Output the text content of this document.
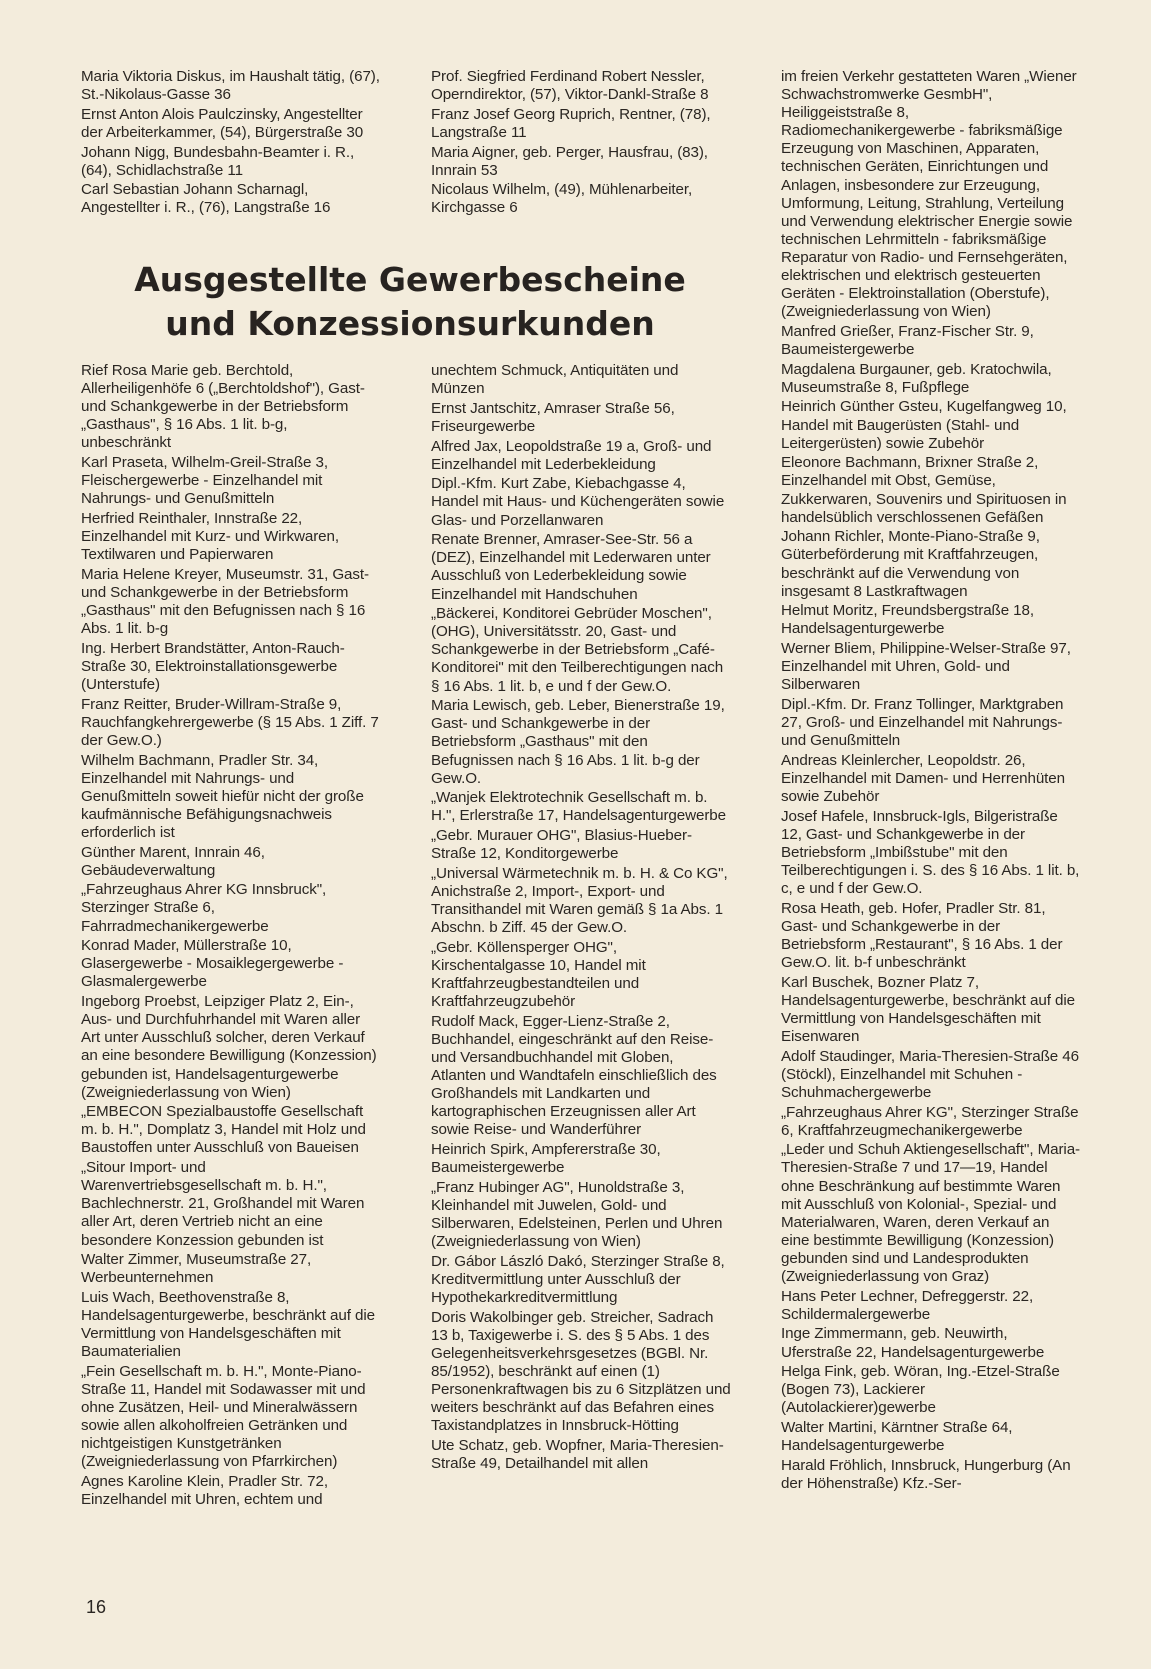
Maria Viktoria Diskus, im Haushalt tätig, (67), St.-Nikolaus-Gasse 36

Ernst Anton Alois Paulczinsky, Angestellter der Arbeiterkammer, (54), Bürgerstraße 30

Johann Nigg, Bundesbahn-Beamter i. R., (64), Schidlachstraße 11

Carl Sebastian Johann Scharnagl, Angestellter i. R., (76), Langstraße 16

Prof. Siegfried Ferdinand Robert Nessler, Operndirektor, (57), Viktor-Dankl-Straße 8

Franz Josef Georg Ruprich, Rentner, (78), Langstraße 11

Maria Aigner, geb. Perger, Hausfrau, (83), Innrain 53

Nicolaus Wilhelm, (49), Mühlenarbeiter, Kirchgasse 6

Ausgestellte Gewerbescheine
und Konzessionsurkunden

Rief Rosa Marie geb. Berchtold, Allerheiligenhöfe 6 („Berchtoldshof"), Gast- und Schankgewerbe in der Betriebsform „Gasthaus", § 16 Abs. 1 lit. b-g, unbeschränkt

Karl Praseta, Wilhelm-Greil-Straße 3, Fleischergewerbe - Einzelhandel mit Nahrungs- und Genußmitteln

Herfried Reinthaler, Innstraße 22, Einzelhandel mit Kurz- und Wirkwaren, Textilwaren und Papierwaren

Maria Helene Kreyer, Museumstr. 31, Gast- und Schankgewerbe in der Betriebsform „Gasthaus" mit den Befugnissen nach § 16 Abs. 1 lit. b-g

Ing. Herbert Brandstätter, Anton-Rauch-Straße 30, Elektroinstallationsgewerbe (Unterstufe)

Franz Reitter, Bruder-Willram-Straße 9, Rauchfangkehrergewerbe (§ 15 Abs. 1 Ziff. 7 der Gew.O.)

Wilhelm Bachmann, Pradler Str. 34, Einzelhandel mit Nahrungs- und Genußmitteln soweit hiefür nicht der große kaufmännische Befähigungsnachweis erforderlich ist

Günther Marent, Innrain 46, Gebäudeverwaltung

„Fahrzeughaus Ahrer KG Innsbruck", Sterzinger Straße 6, Fahrradmechanikergewerbe

Konrad Mader, Müllerstraße 10, Glasergewerbe - Mosaiklegergewerbe - Glasmalergewerbe

Ingeborg Proebst, Leipziger Platz 2, Ein-, Aus- und Durchfuhrhandel mit Waren aller Art unter Ausschluß solcher, deren Verkauf an eine besondere Bewilligung (Konzession) gebunden ist, Handelsagenturgewerbe (Zweigniederlassung von Wien)

„EMBECON Spezialbaustoffe Gesellschaft m. b. H.", Domplatz 3, Handel mit Holz und Baustoffen unter Ausschluß von Baueisen

„Sitour Import- und Warenvertriebsgesellschaft m. b. H.", Bachlechnerstr. 21, Großhandel mit Waren aller Art, deren Vertrieb nicht an eine besondere Konzession gebunden ist

Walter Zimmer, Museumstraße 27, Werbeunternehmen

Luis Wach, Beethovenstraße 8, Handelsagenturgewerbe, beschränkt auf die Vermittlung von Handelsgeschäften mit Baumaterialien

„Fein Gesellschaft m. b. H.", Monte-Piano-Straße 11, Handel mit Sodawasser mit und ohne Zusätzen, Heil- und Mineralwässern sowie allen alkoholfreien Getränken und nichtgeistigen Kunstgetränken (Zweigniederlassung von Pfarrkirchen)

Agnes Karoline Klein, Pradler Str. 72, Einzelhandel mit Uhren, echtem und

unechtem Schmuck, Antiquitäten und Münzen

Ernst Jantschitz, Amraser Straße 56, Friseurgewerbe

Alfred Jax, Leopoldstraße 19 a, Groß- und Einzelhandel mit Lederbekleidung

Dipl.-Kfm. Kurt Zabe, Kiebachgasse 4, Handel mit Haus- und Küchengeräten sowie Glas- und Porzellanwaren

Renate Brenner, Amraser-See-Str. 56 a (DEZ), Einzelhandel mit Lederwaren unter Ausschluß von Lederbekleidung sowie Einzelhandel mit Handschuhen

„Bäckerei, Konditorei Gebrüder Moschen", (OHG), Universitätsstr. 20, Gast- und Schankgewerbe in der Betriebsform „Café-Konditorei" mit den Teilberechtigungen nach § 16 Abs. 1 lit. b, e und f der Gew.O.

Maria Lewisch, geb. Leber, Bienerstraße 19, Gast- und Schankgewerbe in der Betriebsform „Gasthaus" mit den Befugnissen nach § 16 Abs. 1 lit. b-g der Gew.O.

„Wanjek Elektrotechnik Gesellschaft m. b. H.", Erlerstraße 17, Handelsagenturgewerbe

„Gebr. Murauer OHG", Blasius-Hueber-Straße 12, Konditorgewerbe

„Universal Wärmetechnik m. b. H. & Co KG", Anichstraße 2, Import-, Export- und Transithandel mit Waren gemäß § 1a Abs. 1 Abschn. b Ziff. 45 der Gew.O.

„Gebr. Köllensperger OHG", Kirschentalgasse 10, Handel mit Kraftfahrzeugbestandteilen und Kraftfahrzeugzubehör

Rudolf Mack, Egger-Lienz-Straße 2, Buchhandel, eingeschränkt auf den Reise- und Versandbuchhandel mit Globen, Atlanten und Wandtafeln einschließlich des Großhandels mit Landkarten und kartographischen Erzeugnissen aller Art sowie Reise- und Wanderführer

Heinrich Spirk, Ampfererstraße 30, Baumeistergewerbe

„Franz Hubinger AG", Hunoldstraße 3, Kleinhandel mit Juwelen, Gold- und Silberwaren, Edelsteinen, Perlen und Uhren (Zweigniederlassung von Wien)

Dr. Gábor László Dakó, Sterzinger Straße 8, Kreditvermittlung unter Ausschluß der Hypothekarkreditvermittlung

Doris Wakolbinger geb. Streicher, Sadrach 13 b, Taxigewerbe i. S. des § 5 Abs. 1 des Gelegenheitsverkehrsgesetzes (BGBl. Nr. 85/1952), beschränkt auf einen (1) Personenkraftwagen bis zu 6 Sitzplätzen und weiters beschränkt auf das Befahren eines Taxistandplatzes in Innsbruck-Hötting

Ute Schatz, geb. Wopfner, Maria-Theresien-Straße 49, Detailhandel mit allen

im freien Verkehr gestatteten Waren „Wiener Schwachstromwerke GesmbH", Heiliggeiststraße 8, Radiomechanikergewerbe - fabriksmäßige Erzeugung von Maschinen, Apparaten, technischen Geräten, Einrichtungen und Anlagen, insbesondere zur Erzeugung, Umformung, Leitung, Strahlung, Verteilung und Verwendung elektrischer Energie sowie technischen Lehrmitteln - fabriksmäßige Reparatur von Radio- und Fernsehgeräten, elektrischen und elektrisch gesteuerten Geräten - Elektroinstallation (Oberstufe), (Zweigniederlassung von Wien)

Manfred Grießer, Franz-Fischer Str. 9, Baumeistergewerbe

Magdalena Burgauner, geb. Kratochwila, Museumstraße 8, Fußpflege

Heinrich Günther Gsteu, Kugelfangweg 10, Handel mit Baugerüsten (Stahl- und Leitergerüsten) sowie Zubehör

Eleonore Bachmann, Brixner Straße 2, Einzelhandel mit Obst, Gemüse, Zukkerwaren, Souvenirs und Spirituosen in handelsüblich verschlossenen Gefäßen

Johann Richler, Monte-Piano-Straße 9, Güterbeförderung mit Kraftfahrzeugen, beschränkt auf die Verwendung von insgesamt 8 Lastkraftwagen

Helmut Moritz, Freundsbergstraße 18, Handelsagenturgewerbe

Werner Bliem, Philippine-Welser-Straße 97, Einzelhandel mit Uhren, Gold- und Silberwaren

Dipl.-Kfm. Dr. Franz Tollinger, Marktgraben 27, Groß- und Einzelhandel mit Nahrungs- und Genußmitteln

Andreas Kleinlercher, Leopoldstr. 26, Einzelhandel mit Damen- und Herrenhüten sowie Zubehör

Josef Hafele, Innsbruck-Igls, Bilgeristraße 12, Gast- und Schankgewerbe in der Betriebsform „Imbißstube" mit den Teilberechtigungen i. S. des § 16 Abs. 1 lit. b, c, e und f der Gew.O.

Rosa Heath, geb. Hofer, Pradler Str. 81, Gast- und Schankgewerbe in der Betriebsform „Restaurant", § 16 Abs. 1 der Gew.O. lit. b-f unbeschränkt

Karl Buschek, Bozner Platz 7, Handelsagenturgewerbe, beschränkt auf die Vermittlung von Handelsgeschäften mit Eisenwaren

Adolf Staudinger, Maria-Theresien-Straße 46 (Stöckl), Einzelhandel mit Schuhen - Schuhmachergewerbe

„Fahrzeughaus Ahrer KG", Sterzinger Straße 6, Kraftfahrzeugmechanikergewerbe

„Leder und Schuh Aktiengesellschaft", Maria-Theresien-Straße 7 und 17—19, Handel ohne Beschränkung auf bestimmte Waren mit Ausschluß von Kolonial-, Spezial- und Materialwaren, Waren, deren Verkauf an eine bestimmte Bewilligung (Konzession) gebunden sind und Landesprodukten (Zweigniederlassung von Graz)

Hans Peter Lechner, Defreggerstr. 22, Schildermalergewerbe

Inge Zimmermann, geb. Neuwirth, Uferstraße 22, Handelsagenturgewerbe

Helga Fink, geb. Wöran, Ing.-Etzel-Straße (Bogen 73), Lackierer (Autolackierer)gewerbe

Walter Martini, Kärntner Straße 64, Handelsagenturgewerbe

Harald Fröhlich, Innsbruck, Hungerburg (An der Höhenstraße) Kfz.-Ser-

16
